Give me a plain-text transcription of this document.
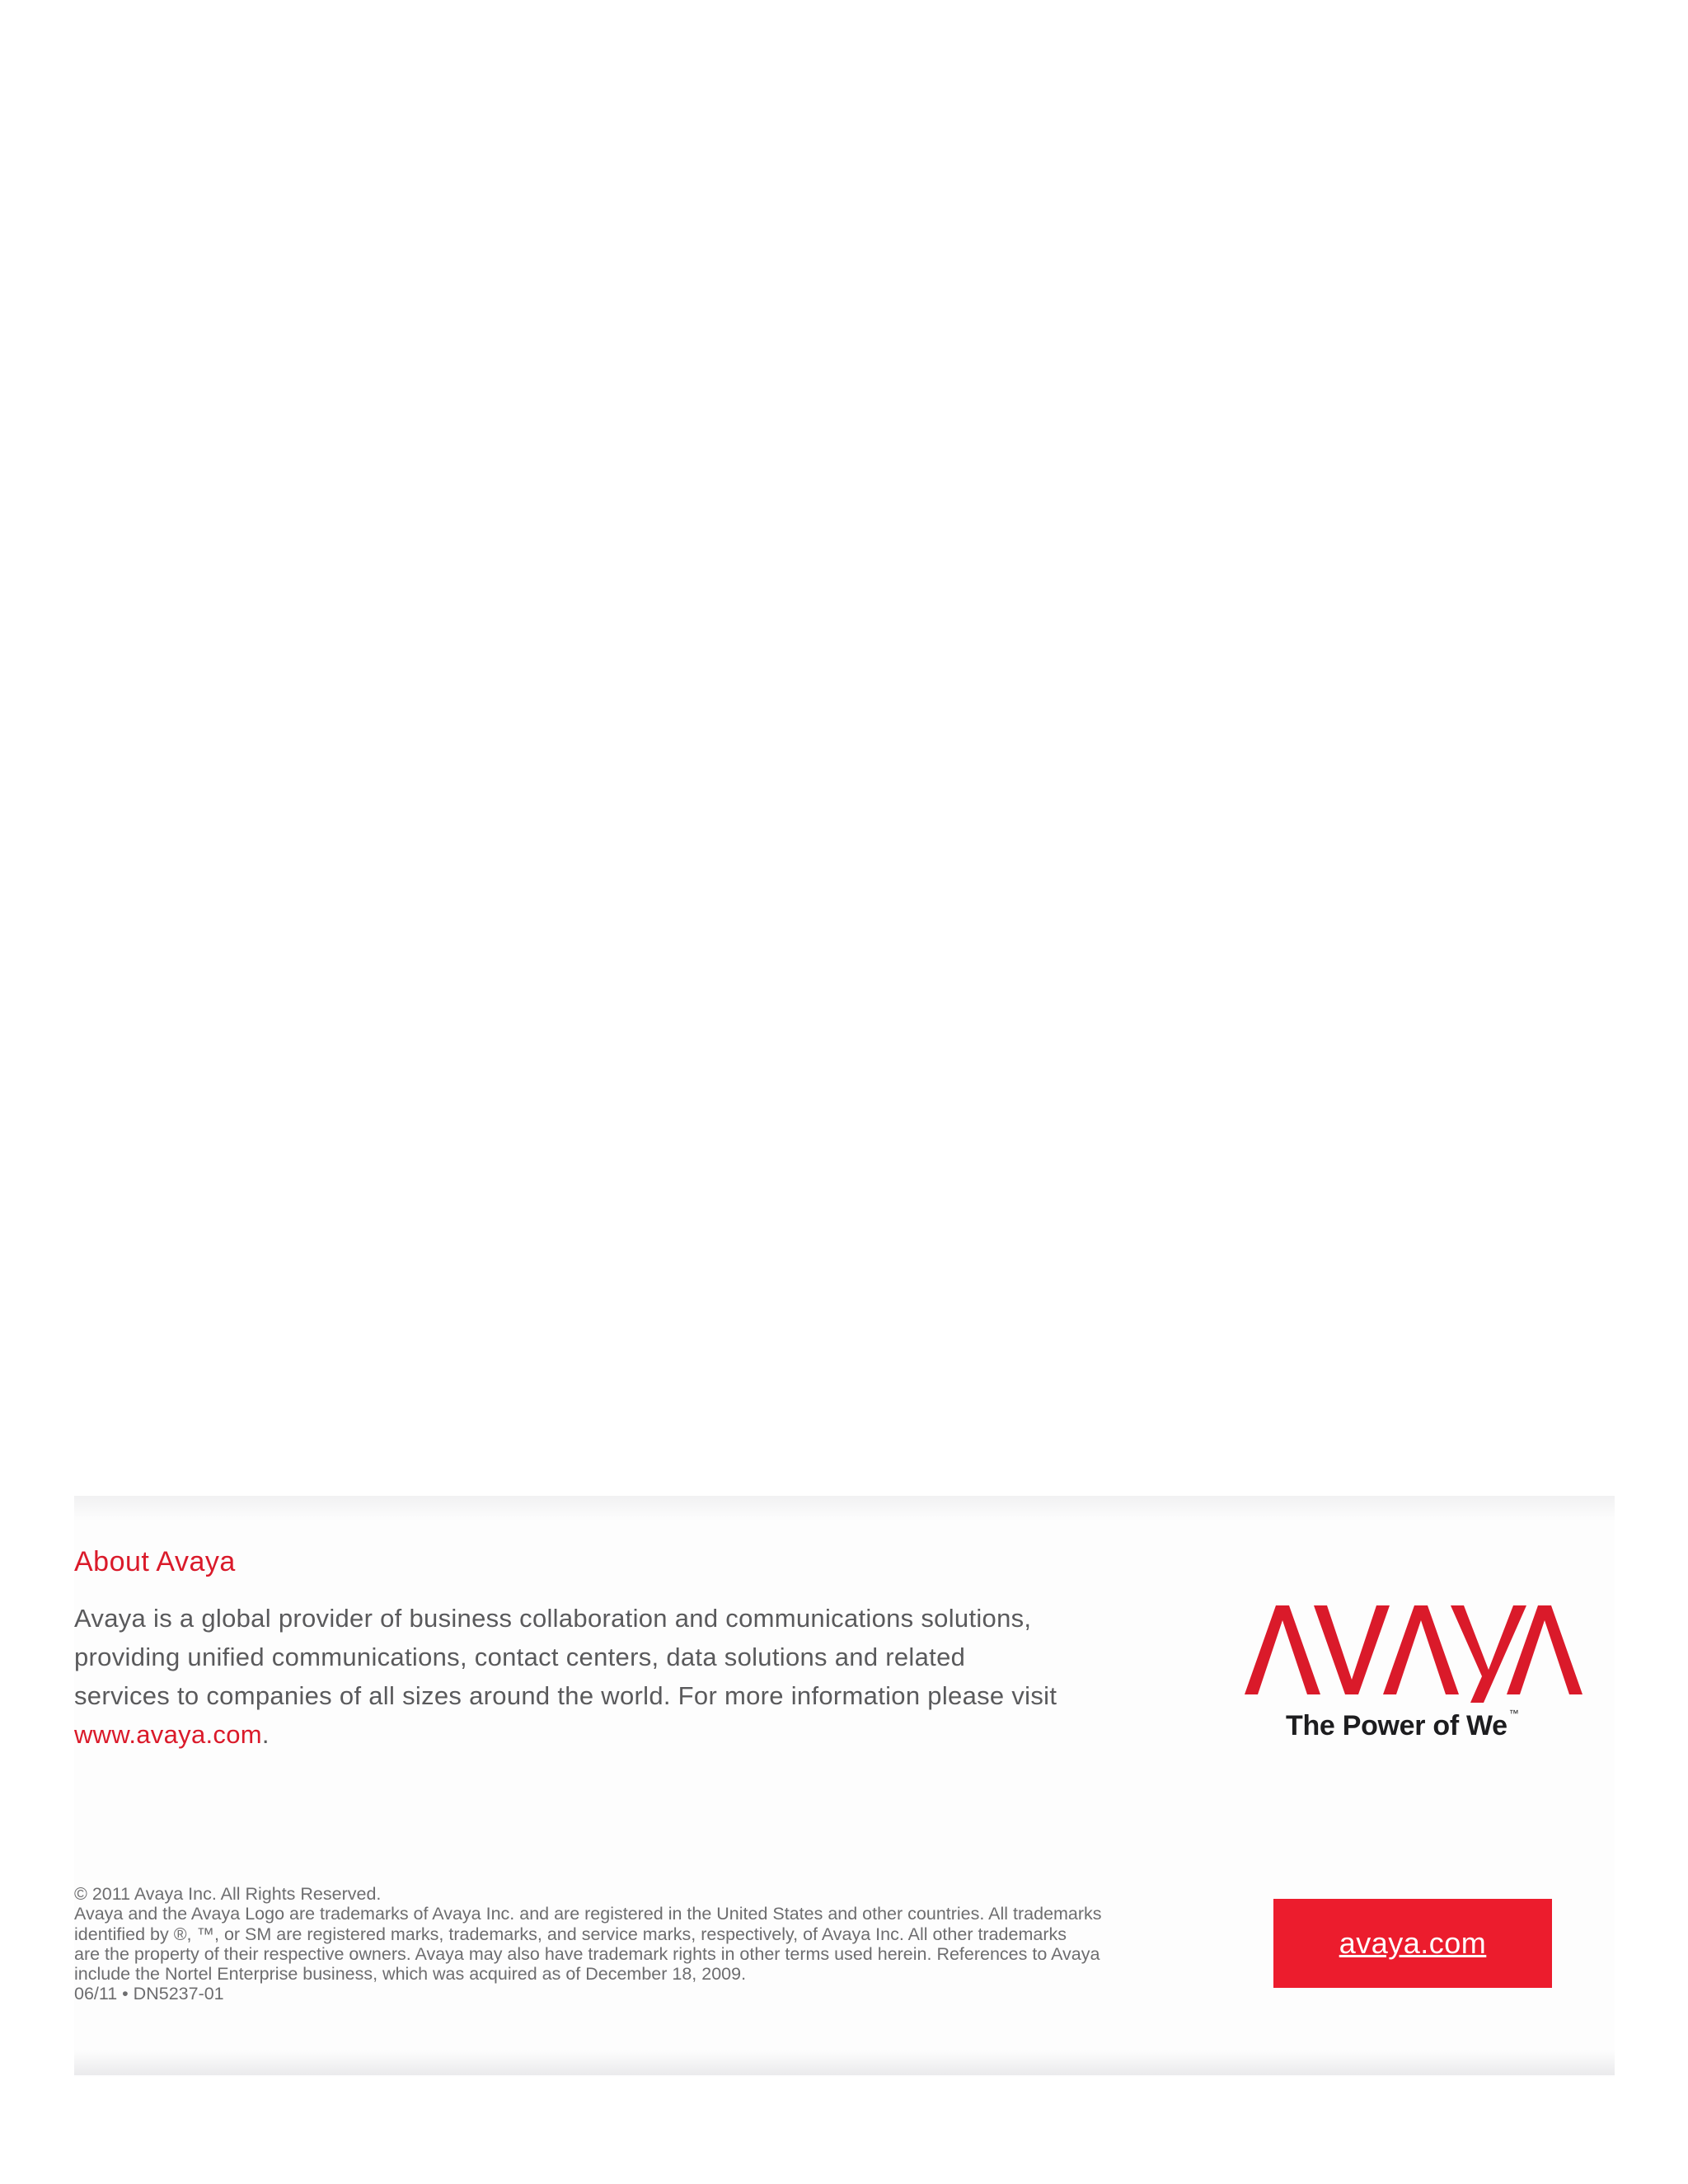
About Avaya
Avaya is a global provider of business collaboration and communications solutions, providing unified communications, contact centers, data solutions and related services to companies of all sizes around the world. For more information please visit www.avaya.com.	The Power of We ™
© 2011 Avaya Inc. All Rights Reserved.
Avaya and the Avaya Logo are trademarks of Avaya Inc. and are registered in the United States and other countries. All trademarks
identified by ®, ™, or SM are registered marks, trademarks, and service marks, respectively, of Avaya Inc. All other trademarks
are the property of their respective owners. Avaya may also have trademark rights in other terms used herein. References to Avaya
include the Nortel Enterprise business, which was acquired as of December 18, 2009.
06/11 • DN5237-01
avaya.com
